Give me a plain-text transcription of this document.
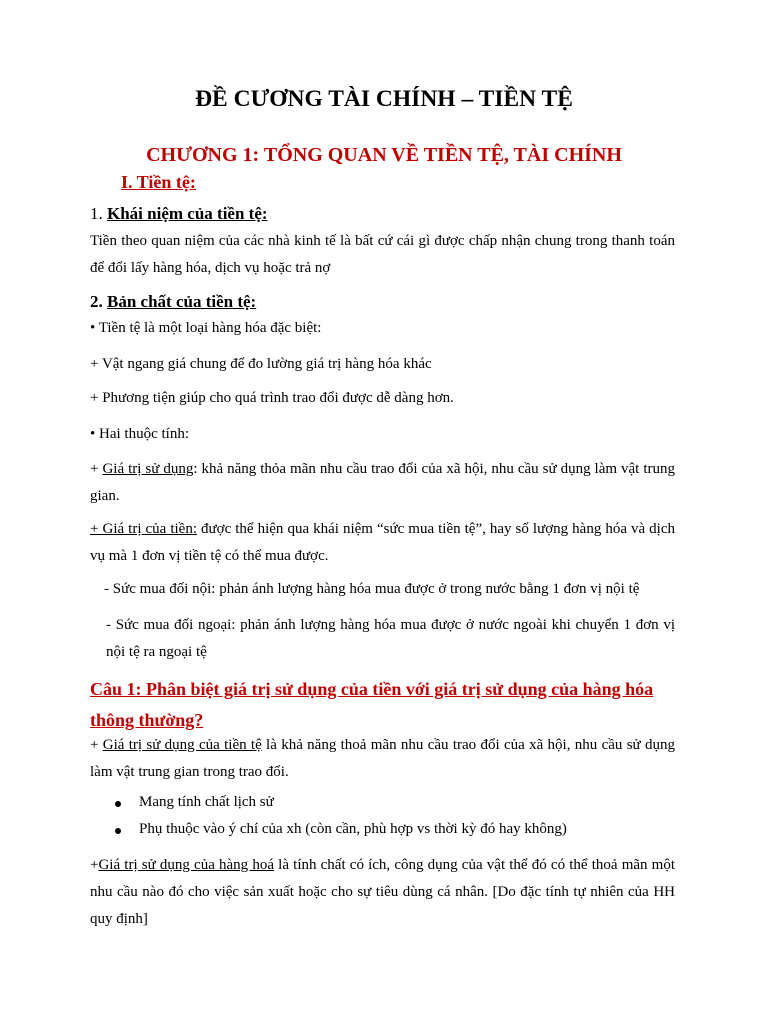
ĐỀ CƯƠNG TÀI CHÍNH – TIỀN TỆ
CHƯƠNG 1: TỔNG QUAN VỀ TIỀN TỆ, TÀI CHÍNH
I. Tiền tệ:
1. Khái niệm của tiền tệ:
Tiền theo quan niệm của các nhà kinh tế là bất cứ cái gì được chấp nhận chung trong thanh toán để đổi lấy hàng hóa, dịch vụ hoặc trả nợ
2. Bản chất của tiền tệ:
• Tiền tệ là một loại hàng hóa đặc biệt:
+ Vật ngang giá chung để đo lường giá trị hàng hóa khác
+ Phương tiện giúp cho quá trình trao đổi được dễ dàng hơn.
• Hai thuộc tính:
+ Giá trị sử dụng: khả năng thỏa mãn nhu cầu trao đổi của xã hội, nhu cầu sử dụng làm vật trung gian.
+ Giá trị của tiền: được thể hiện qua khái niệm “sức mua tiền tệ”, hay số lượng hàng hóa và dịch vụ mà 1 đơn vị tiền tệ có thể mua được.
- Sức mua đối nội: phản ánh lượng hàng hóa mua được ở trong nước bằng 1 đơn vị nội tệ
- Sức mua đối ngoại: phản ánh lượng hàng hóa mua được ở nước ngoài khi chuyển 1 đơn vị nội tệ ra ngoại tệ
Câu 1: Phân biệt giá trị sử dụng của tiền với giá trị sử dụng của hàng hóa thông thường?
+ Giá trị sử dụng của tiền tệ là khả năng thoả mãn nhu cầu trao đổi của xã hội, nhu cầu sử dụng làm vật trung gian trong trao đổi.
Mang tính chất lịch sử
Phụ thuộc vào ý chí của xh (còn cần, phù hợp vs thời kỳ đó hay không)
+Giá trị sử dụng của hàng hoá là tính chất có ích, công dụng của vật thể đó có thể thoả mãn một nhu cầu nào đó cho việc sản xuất hoặc cho sự tiêu dùng cá nhân. [Do đặc tính tự nhiên của HH quy định]
